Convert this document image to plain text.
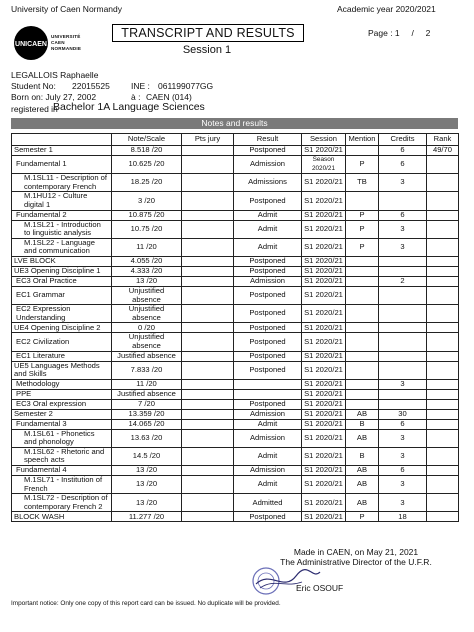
University of Caen Normandy	Academic year 2020/2021
UNICAEN
UNIVERSITÉ
CAEN
NORMANDIE
TRANSCRIPT AND RESULTS
Session 1
Page : 1     /     2
LEGALLOIS Raphaelle
Student No: 22015525 INE : 061199077GG
Born on: July 27, 2002	à : CAEN (014)
registered in
Bachelor 1A Language Sciences
Notes and results
	Note/Scale	Pts jury	Result	Session	Mention	Credits	Rank
Semester 1	8.518 /20		Postponed	S1 2020/21		6	49/70
Fundamental 1	10.625 /20		Admission	Season 2020/21	P	6	
M.1SL11 - Description of contemporary French	18.25 /20		Admissions	S1 2020/21	TB	3	
M.1HU12 - Culture digital 1	3 /20		Postponed	S1 2020/21			
Fundamental 2	10.875 /20		Admit	S1 2020/21	P	6	
M.1SL21 - Introduction to linguistic analysis	10.75 /20		Admit	S1 2020/21	P	3	
M.1SL22 - Language and communication	11 /20		Admit	S1 2020/21	P	3	
LVE BLOCK	4.055 /20		Postponed	S1 2020/21			
UE3 Opening Discipline 1	4.333 /20		Postponed	S1 2020/21			
EC3 Oral Practice	13 /20		Admission	S1 2020/21		2	
EC1 Grammar	Unjustified absence		Postponed	S1 2020/21			
EC2 Expression Understanding	Unjustified absence		Postponed	S1 2020/21			
UE4 Opening Discipline 2	0 /20		Postponed	S1 2020/21			
EC2 Civilization	Unjustified absence		Postponed	S1 2020/21			
EC1 Literature	Justified absence		Postponed	S1 2020/21			
UE5 Languages Methods and Skills	7.833 /20		Postponed	S1 2020/21			
Methodology	11 /20			S1 2020/21		3	
PPE	Justified absence			S1 2020/21			
EC3 Oral expression	7 /20		Postponed	S1 2020/21			
Semester 2	13.359 /20		Admission	S1 2020/21	AB	30	
Fundamental 3	14.065 /20		Admit	S1 2020/21	B	6	
M.1SL61 - Phonetics and phonology	13.63 /20		Admission	S1 2020/21	AB	3	
M.1SL62 - Rhetoric and speech acts	14.5 /20		Admit	S1 2020/21	B	3	
Fundamental 4	13 /20		Admission	S1 2020/21	AB	6	
M.1SL71 - Institution of French	13 /20		Admit	S1 2020/21	AB	3	
M.1SL72 - Description of contemporary French 2	13 /20		Admitted	S1 2020/21	AB	3	
BLOCK WASH	11.277 /20		Postponed	S1 2020/21	P	18	
Made in CAEN, on May 21, 2021
The Administrative Director of the U.F.R.
Eric OSOUF
Important notice: Only one copy of this report card can be issued. No duplicate will be provided.
